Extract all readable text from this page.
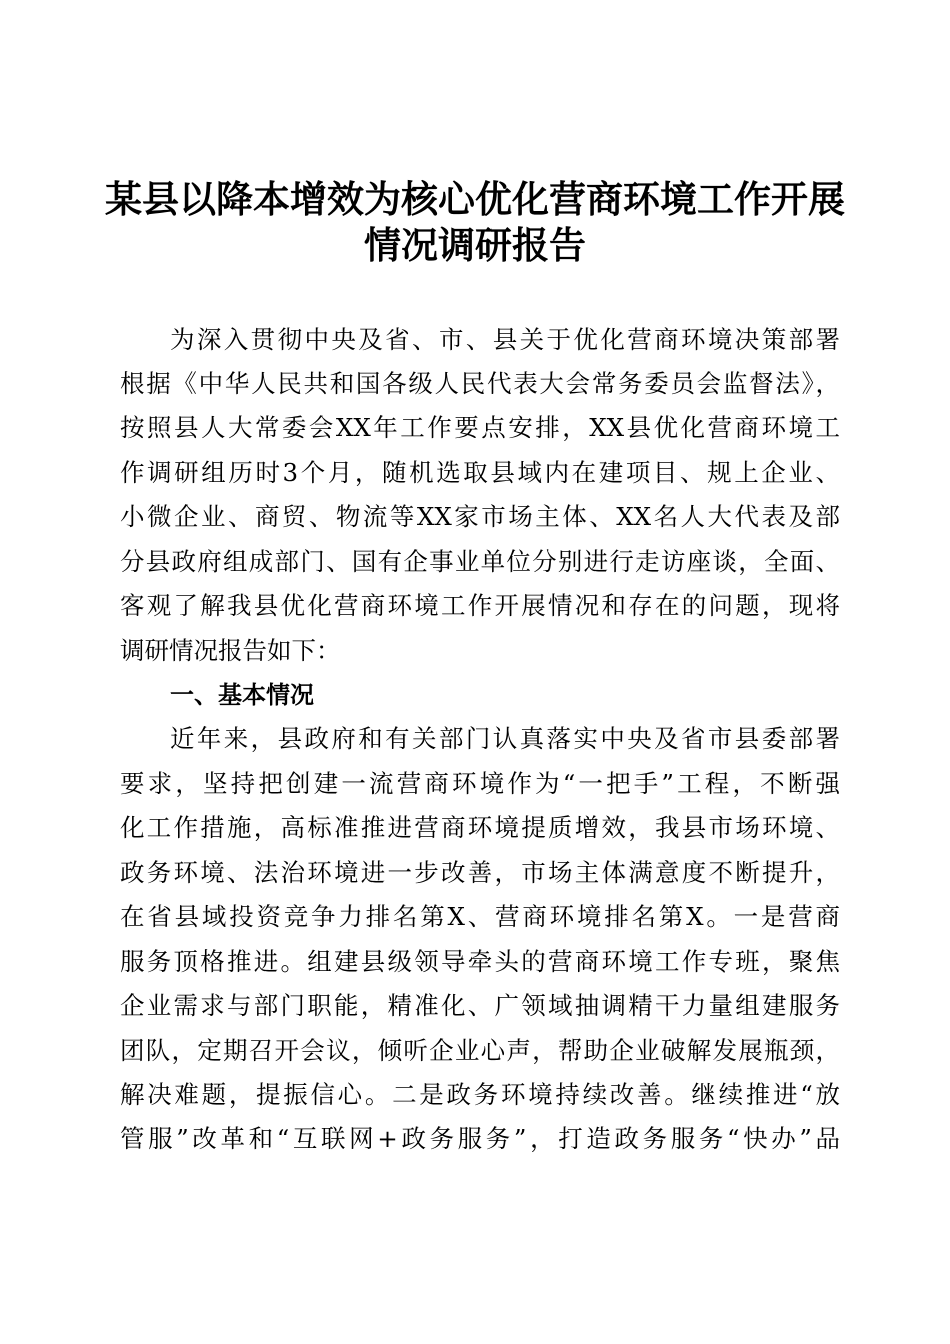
某县以降本增效为核心优化营商环境工作开展
情况调研报告

为深入贯彻中央及省、市、县关于优化营商环境决策部署

根据《中华人民共和国各级人民代表大会常务委员会监督法》，

按照县人大常委会XX年工作要点安排，XX县优化营商环境工

作调研组历时3个月，随机选取县域内在建项目、规上企业、

小微企业、商贸、物流等XX家市场主体、XX名人大代表及部

分县政府组成部门、国有企事业单位分别进行走访座谈，全面、

客观了解我县优化营商环境工作开展情况和存在的问题，现将

调研情况报告如下：

一、基本情况

近年来，县政府和有关部门认真落实中央及省市县委部署

要求，坚持把创建一流营商环境作为“一把手”工程，不断强

化工作措施，高标准推进营商环境提质增效，我县市场环境、

政务环境、法治环境进一步改善，市场主体满意度不断提升，

在省县域投资竞争力排名第X、营商环境排名第X。一是营商

服务顶格推进。组建县级领导牵头的营商环境工作专班，聚焦

企业需求与部门职能，精准化、广领域抽调精干力量组建服务

团队，定期召开会议，倾听企业心声，帮助企业破解发展瓶颈，

解决难题，提振信心。二是政务环境持续改善。继续推进“放

管服”改革和“互联网+政务服务”，打造政务服务“快办”品
